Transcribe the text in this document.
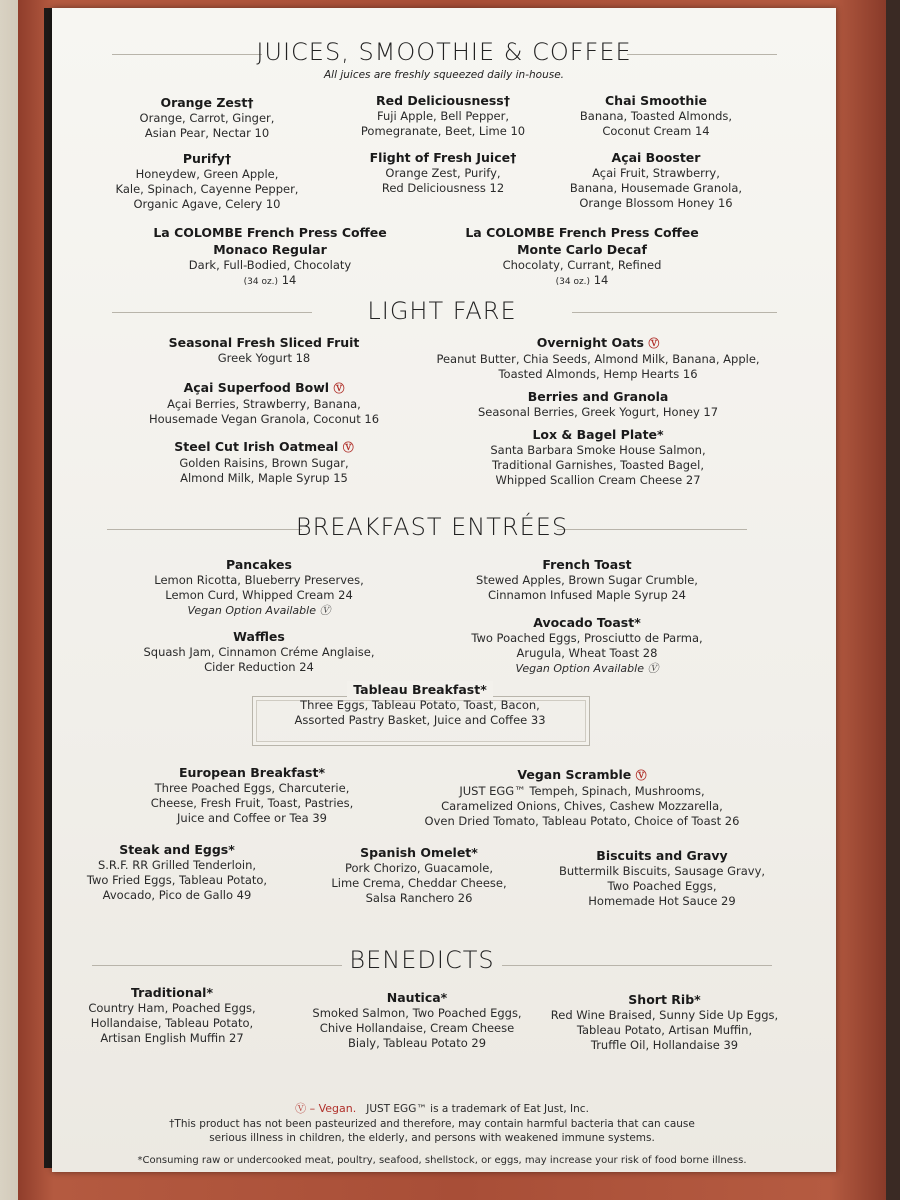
JUICES, SMOOTHIE & COFFEE
All juices are freshly squeezed daily in-house.
Orange Zest†
Orange, Carrot, Ginger,
Asian Pear, Nectar 10
Red Deliciousness†
Fuji Apple, Bell Pepper,
Pomegranate, Beet, Lime 10
Chai Smoothie
Banana, Toasted Almonds,
Coconut Cream 14
Purify†
Honeydew, Green Apple,
Kale, Spinach, Cayenne Pepper,
Organic Agave, Celery 10
Flight of Fresh Juice†
Orange Zest, Purify,
Red Deliciousness 12
Açai Booster
Açai Fruit, Strawberry,
Banana, Housemade Granola,
Orange Blossom Honey 16
La COLOMBE French Press Coffee
Monaco Regular
Dark, Full-Bodied, Chocolaty
(34 oz.) 14
La COLOMBE French Press Coffee
Monte Carlo Decaf
Chocolaty, Currant, Refined
(34 oz.) 14
LIGHT FARE
Seasonal Fresh Sliced Fruit
Greek Yogurt 18
Overnight Oats Ⓥ
Peanut Butter, Chia Seeds, Almond Milk, Banana, Apple,
Toasted Almonds, Hemp Hearts 16
Açai Superfood Bowl Ⓥ
Açai Berries, Strawberry, Banana,
Housemade Vegan Granola, Coconut 16
Berries and Granola
Seasonal Berries, Greek Yogurt, Honey 17
Steel Cut Irish Oatmeal Ⓥ
Golden Raisins, Brown Sugar,
Almond Milk, Maple Syrup 15
Lox & Bagel Plate*
Santa Barbara Smoke House Salmon,
Traditional Garnishes, Toasted Bagel,
Whipped Scallion Cream Cheese 27
BREAKFAST ENTRÉES
Pancakes
Lemon Ricotta, Blueberry Preserves,
Lemon Curd, Whipped Cream 24
Vegan Option Available Ⓥ
French Toast
Stewed Apples, Brown Sugar Crumble,
Cinnamon Infused Maple Syrup 24
Waffles
Squash Jam, Cinnamon Créme Anglaise,
Cider Reduction 24
Avocado Toast*
Two Poached Eggs, Prosciutto de Parma,
Arugula, Wheat Toast 28
Vegan Option Available Ⓥ
Tableau Breakfast*
Three Eggs, Tableau Potato, Toast, Bacon,
Assorted Pastry Basket, Juice and Coffee 33
European Breakfast*
Three Poached Eggs, Charcuterie,
Cheese, Fresh Fruit, Toast, Pastries,
Juice and Coffee or Tea 39
Vegan Scramble Ⓥ
JUST EGG™ Tempeh, Spinach, Mushrooms,
Caramelized Onions, Chives, Cashew Mozzarella,
Oven Dried Tomato, Tableau Potato, Choice of Toast 26
Steak and Eggs*
S.R.F. RR Grilled Tenderloin,
Two Fried Eggs, Tableau Potato,
Avocado, Pico de Gallo 49
Spanish Omelet*
Pork Chorizo, Guacamole,
Lime Crema, Cheddar Cheese,
Salsa Ranchero 26
Biscuits and Gravy
Buttermilk Biscuits, Sausage Gravy,
Two Poached Eggs,
Homemade Hot Sauce 29
BENEDICTS
Traditional*
Country Ham, Poached Eggs,
Hollandaise, Tableau Potato,
Artisan English Muffin 27
Nautica*
Smoked Salmon, Two Poached Eggs,
Chive Hollandaise, Cream Cheese
Bialy, Tableau Potato 29
Short Rib*
Red Wine Braised, Sunny Side Up Eggs,
Tableau Potato, Artisan Muffin,
Truffle Oil, Hollandaise 39
Ⓥ – Vegan. JUST EGG™ is a trademark of Eat Just, Inc.
†This product has not been pasteurized and therefore, may contain harmful bacteria that can cause
serious illness in children, the elderly, and persons with weakened immune systems.
*Consuming raw or undercooked meat, poultry, seafood, shellstock, or eggs, may increase your risk of food borne illness.
